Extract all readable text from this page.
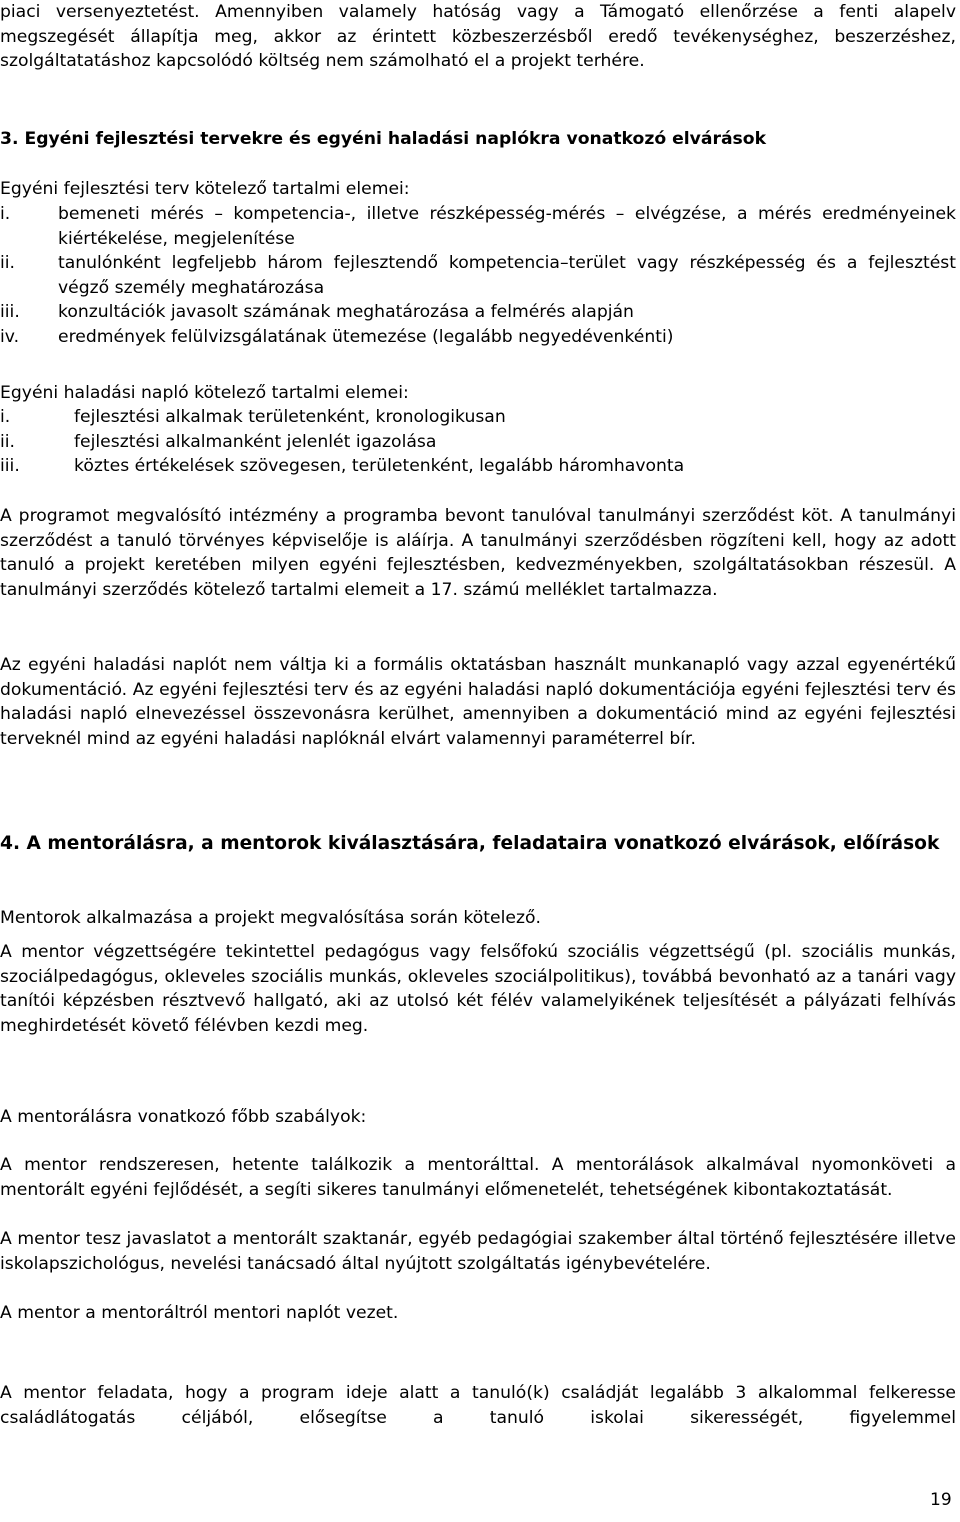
piaci versenyeztetést. Amennyiben valamely hatóság vagy a Támogató ellenőrzése a fenti alapelv megszegését állapítja meg, akkor az érintett közbeszerzésből eredő tevékenységhez, beszerzéshez, szolgáltatatáshoz kapcsolódó költség nem számolható el a projekt terhére.

3. Egyéni fejlesztési tervekre és egyéni haladási naplókra vonatkozó elvárások

Egyéni fejlesztési terv kötelező tartalmi elemei:

i.	bemeneti mérés – kompetencia-, illetve részképesség-mérés – elvégzése, a mérés eredményeinek kiértékelése, megjelenítése
ii. tanulónként legfeljebb három fejlesztendő kompetencia–terület vagy részképesség és a fejlesztést végző személy meghatározása
iii. konzultációk javasolt számának meghatározása a felmérés alapján
iv. eredmények felülvizsgálatának ütemezése (legalább negyedévenkénti)

Egyéni haladási napló kötelező tartalmi elemei:

i.	fejlesztési alkalmak területenként, kronologikusan
ii.	fejlesztési alkalmanként jelenlét igazolása
iii.	köztes értékelések szövegesen, területenként, legalább háromhavonta

A programot megvalósító intézmény a programba bevont tanulóval tanulmányi szerződést köt. A tanulmányi szerződést a tanuló törvényes képviselője is aláírja. A tanulmányi szerződésben rögzíteni kell, hogy az adott tanuló a projekt keretében milyen egyéni fejlesztésben, kedvezményekben, szolgáltatásokban részesül. A tanulmányi szerződés kötelező tartalmi elemeit a 17. számú melléklet tartalmazza.

Az egyéni haladási naplót nem váltja ki a formális oktatásban használt munkanapló vagy azzal egyenértékű dokumentáció. Az egyéni fejlesztési terv és az egyéni haladási napló dokumentációja egyéni fejlesztési terv és haladási napló elnevezéssel összevonásra kerülhet, amennyiben a dokumentáció mind az egyéni fejlesztési terveknél mind az egyéni haladási naplóknál elvárt valamennyi paraméterrel bír.

4. A mentorálásra, a mentorok kiválasztására, feladataira vonatkozó elvárások, előírások

Mentorok alkalmazása a projekt megvalósítása során kötelező.

A mentor végzettségére tekintettel pedagógus vagy felsőfokú szociális végzettségű (pl. szociális munkás, szociálpedagógus, okleveles szociális munkás, okleveles szociálpolitikus), továbbá bevonható az a tanári vagy tanítói képzésben résztvevő hallgató, aki az utolsó két félév valamelyikének teljesítését a pályázati felhívás meghirdetését követő félévben kezdi meg.

A mentorálásra vonatkozó főbb szabályok:

A mentor rendszeresen, hetente találkozik a mentorálttal. A mentorálások alkalmával nyomonköveti a mentorált egyéni fejlődését, a segíti sikeres tanulmányi előmenetelét, tehetségének kibontakoztatását.

A mentor tesz javaslatot a mentorált szaktanár, egyéb pedagógiai szakember által történő fejlesztésére illetve iskolapszichológus, nevelési tanácsadó által nyújtott szolgáltatás igénybevételére.

A mentor a mentoráltról mentori naplót vezet.

A mentor feladata, hogy a program ideje alatt a tanuló(k) családját legalább 3 alkalommal felkeresse családlátogatás céljából, elősegítse a tanuló iskolai sikerességét, figyelemmel

19
